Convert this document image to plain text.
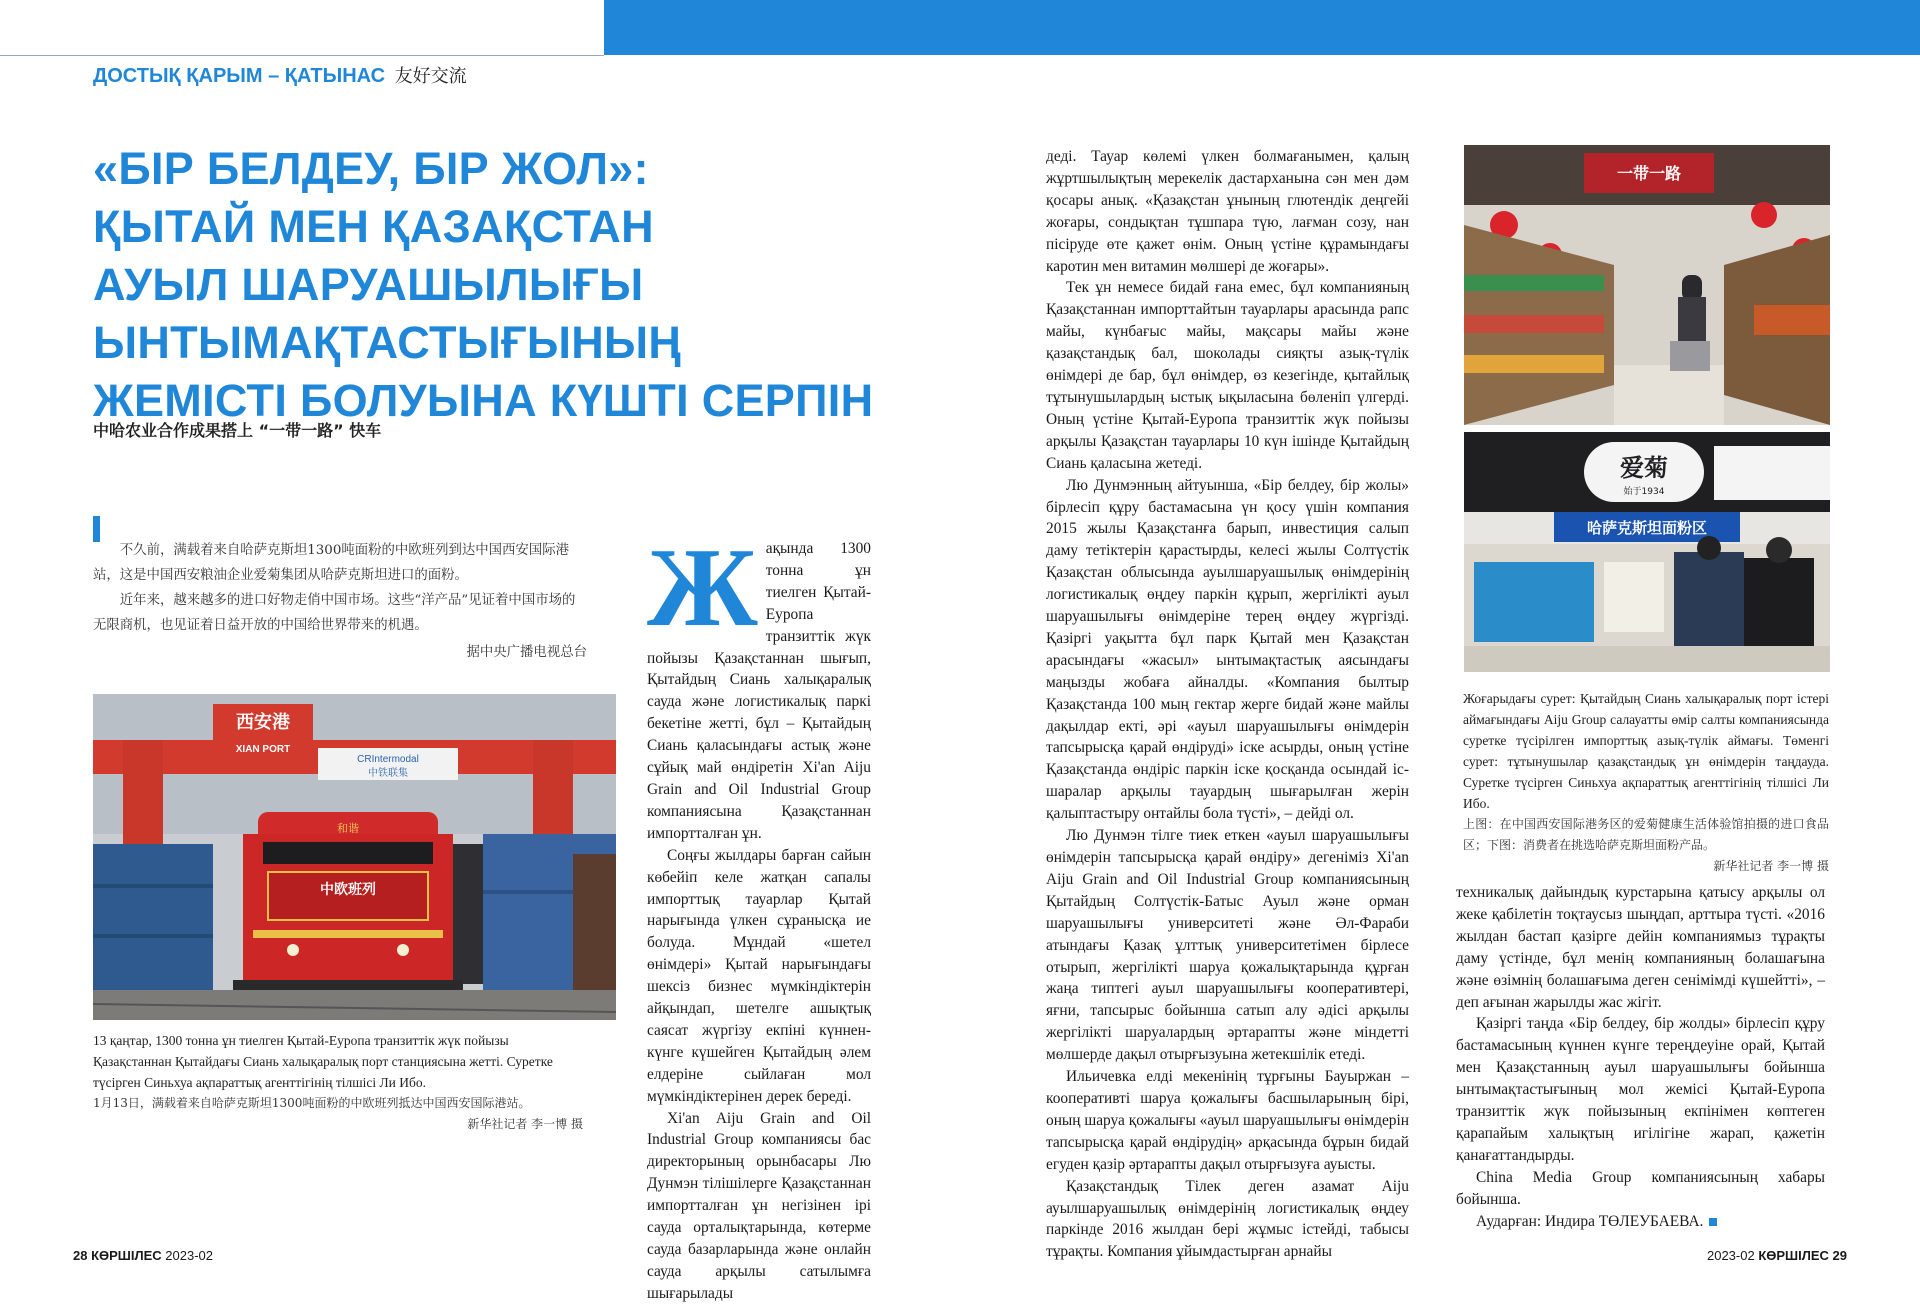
ДОСТЫҚ ҚАРЫМ – ҚАТЫНАС 友好交流
«БІР БЕЛДЕУ, БІР ЖОЛ»:
ҚЫТАЙ МЕН ҚАЗАҚСТАН
АУЫЛ ШАРУАШЫЛЫҒЫ
ЫНТЫМАҚТАСТЫҒЫНЫҢ
ЖЕМІСТІ БОЛУЫНА КҮШТІ СЕРПІН
中哈农业合作成果搭上 “一带一路” 快车

不久前，满载着来自哈萨克斯坦1300吨面粉的中欧班列到达中国西安国际港站，这是中国西安粮油企业爱菊集团从哈萨克斯坦进口的面粉。

近年来，越来越多的进口好物走俏中国市场。这些“洋产品”见证着中国市场的无限商机，也见证着日益开放的中国给世界带来的机遇。

据中央广播电视总台
西安港
XIAN PORT
CRIntermodal
中铁联集
中欧班列
和谐
13 қаңтар, 1300 тонна ұн тиелген Қытай-Еуропа транзиттік жүк пойызы Қазақстаннан Қытайдағы Сиань халықаралық порт станциясына жетті. Суретке түсірген Синьхуа ақпараттық агенттігінің тілшісі Ли Ибо.
1月13日，满载着来自哈萨克斯坦1300吨面粉的中欧班列抵达中国西安国际港站。
新华社记者 李一博 摄

Жақында 1300 тонна ұн тиелген Қытай-Еуропа транзиттік жүк пойызы Қазақстаннан шығып, Қытайдың Сиань халықаралық сауда және логистикалық паркі бекетіне жетті, бұл – Қытайдың Сиань қаласындағы астық және сұйық май өндіретін Xi'an Aiju Grain and Oil Industrial Group компаниясына Қазақстаннан импортталған ұн.

Соңғы жылдары барған сайын көбейіп келе жатқан сапалы импорттық тауарлар Қытай нарығында үлкен сұранысқа ие болуда. Мұндай «шетел өнімдері» Қытай нарығындағы шексіз бизнес мүмкіндіктерін айқындап, шетелге ашықтық саясат жүргізу екпіні күннен-күнге күшейген Қытайдың әлем елдеріне сыйлаған мол мүмкіндіктерінен дерек береді.

Xi'an Aiju Grain and Oil Industrial Group компаниясы бас директорының орынбасары Лю Дунмэн тілішілерге Қазақстаннан импортталған ұн негізінен ірі сауда орталықтарында, көтерме сауда базарларында және онлайн сауда арқылы сатылымға шығарылады

деді. Тауар көлемі үлкен болмағанымен, қалың жұртшылықтың мерекелік дастарханына сән мен дәм қосары анық. «Қазақстан ұнының глютендік деңгейі жоғары, сондықтан тұшпара түю, лағман созу, нан пісіруде өте қажет өнім. Оның үстіне құрамындағы каротин мен витамин мөлшері де жоғары».

Тек ұн немесе бидай ғана емес, бұл компанияның Қазақстаннан импорттайтын тауарлары арасында рапс майы, күнбағыс майы, мақсары майы және қазақстандық бал, шоколады сияқты азық-түлік өнімдері де бар, бұл өнімдер, өз кезегінде, қытайлық тұтынушылардың ыстық ықыласына бөленіп үлгерді. Оның үстіне Қытай-Еуропа транзиттік жүк пойызы арқылы Қазақстан тауарлары 10 күн ішінде Қытайдың Сиань қаласына жетеді.

Лю Дунмэнның айтуынша, «Бір белдеу, бір жолы» бірлесіп құру бастамасына үн қосу үшін компания 2015 жылы Қазақстанға барып, инвестиция салып даму тетіктерін қарастырды, келесі жылы Солтүстік Қазақстан облысында ауылшаруашылық өнімдерінің логистикалық өңдеу паркін құрып, жергілікті ауыл шаруашылығы өнімдеріне терең өңдеу жүргізді. Қазіргі уақытта бұл парк Қытай мен Қазақстан арасындағы «жасыл» ынтымақтастық аясындағы маңызды жобаға айналды. «Компания былтыр Қазақстанда 100 мың гектар жерге бидай және майлы дақылдар екті, әрі «ауыл шаруашылығы өнімдерін тапсырысқа қарай өндіруді» іске асырды, оның үстіне Қазақстанда өндіріс паркін іске қосқанда осындай іс-шаралар арқылы тауардың шығарылған жерін қалыптастыру онтайлы бола түсті», – дейді ол.

Лю Дунмэн тілге тиек еткен «ауыл шаруашылығы өнімдерін тапсырысқа қарай өндіру» дегеніміз Xi'an Aiju Grain and Oil Industrial Group компаниясының Қытайдың Солтүстік-Батыс Ауыл және орман шаруашылығы университеті және Әл-Фараби атындағы Қазақ ұлттық университетімен бірлесе отырып, жергілікті шаруа қожалықтарында құрған жаңа типтегі ауыл шаруашылығы кооперативтері, яғни, тапсырыс бойынша сатып алу әдісі арқылы жергілікті шаруалардың әртарапты және міндетті мөлшерде дақыл отырғызуына жетекшілік етеді.

Ильичевка елді мекенінің тұрғыны Бауыржан – кооперативті шаруа қожалығы басшыларының бірі, оның шаруа қожалығы «ауыл шаруашылығы өнімдерін тапсырысқа қарай өндірудің» арқасында бұрын бидай егуден қазір әртарапты дақыл отырғызуға ауысты.

Қазақстандық Тілек деген азамат Aiju ауылшаруашылық өнімдерінің логистикалық өңдеу паркінде 2016 жылдан бері жұмыс істейді, табысы тұрақты. Компания ұйымдастырған арнайы

一带一路
爱菊
始于1934
哈萨克斯坦面粉区
Жоғарыдағы сурет: Қытайдың Сиань халықаралық порт істері аймағындағы Aiju Group салауатты өмір салты компаниясында суретке түсірілген импорттық азық-түлік аймағы. Төменгі сурет: тұтынушылар қазақстандық ұн өнімдерін таңдауда. Суретке түсірген Синьхуа ақпараттық агенттігінің тілшісі Ли Ибо.
上图：在中国西安国际港务区的爱菊健康生活体验馆拍摄的进口食品区；下图：消费者在挑选哈萨克斯坦面粉产品。
新华社记者 李一博 摄

техникалық дайындық курстарына қатысу арқылы ол жеке қабілетін тоқтаусыз шыңдап, арттыра түсті. «2016 жылдан бастап қазірге дейін компаниямыз тұрақты даму үстінде, бұл менің компанияның болашағына және өзімнің болашағыма деген сенімімді күшейтті», – деп ағынан жарылды жас жігіт.

Қазіргі таңда «Бір белдеу, бір жолды» бірлесіп құру бастамасының күннен күнге тереңдеуіне орай, Қытай мен Қазақстанның ауыл шаруашылығы бойынша ынтымақтастығының мол жемісі Қытай-Еуропа транзиттік жүк пойызының екпінімен көптеген қарапайым халықтың игілігіне жарап, қажетін қанағаттандырды.

China Media Group компаниясының хабары бойынша.

Аударған: Индира ТӨЛЕУБАЕВА.

28 КӨРШІЛЕС 2023-02	2023-02 КӨРШІЛЕС 29
